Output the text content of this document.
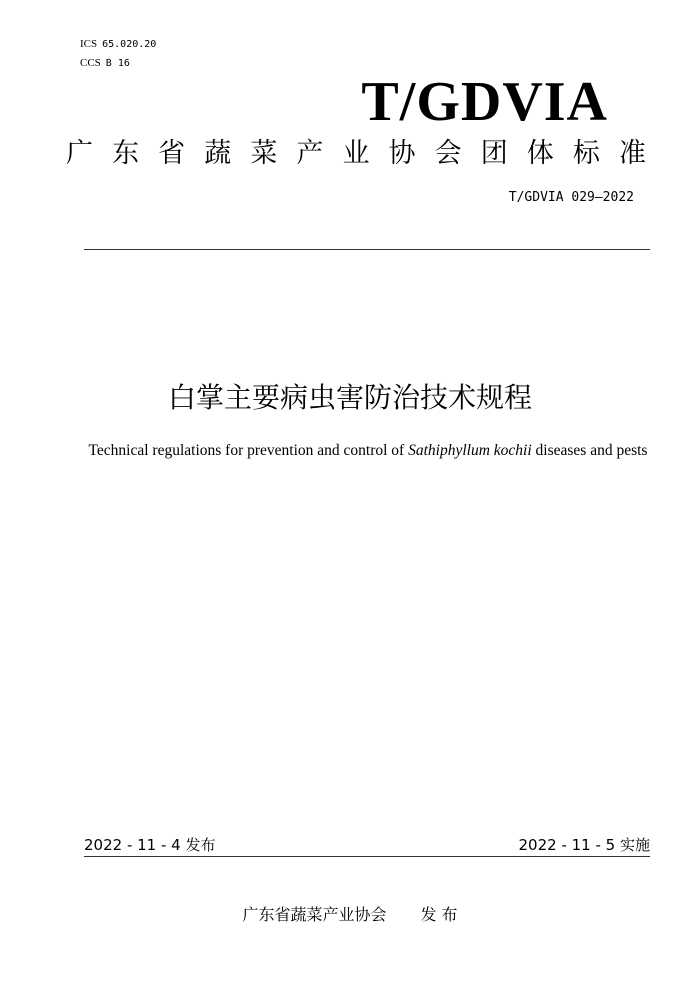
ICS 65.020.20
CCS B 16
T/GDVIA
广 东 省 蔬 菜 产 业 协 会 团 体 标 准
T/GDVIA 029—2022
白掌主要病虫害防治技术规程
Technical regulations for prevention and control of Sathiphyllum kochii diseases and pests
2022 - 11 - 4 发布	2022 - 11 - 5 实施
广东省蔬菜产业协会 发 布
